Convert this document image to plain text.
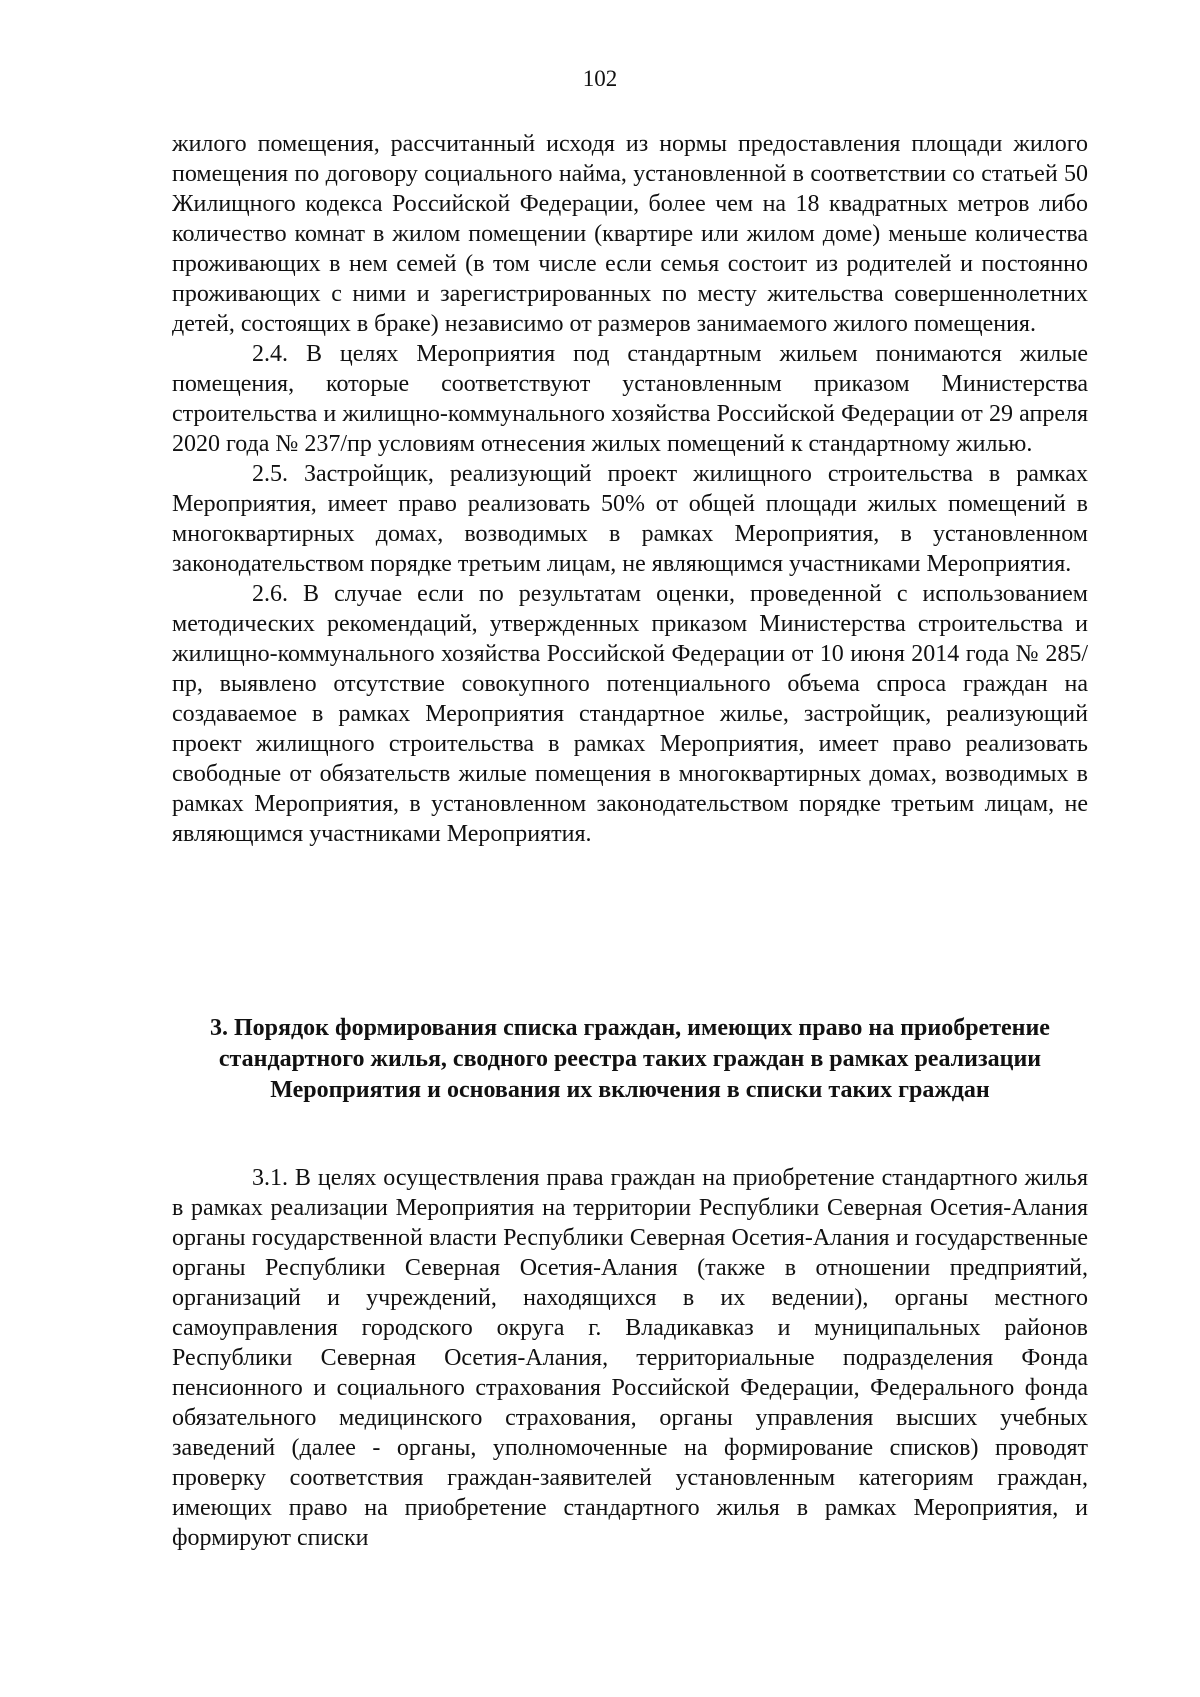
102

жилого помещения, рассчитанный исходя из нормы предоставления площади жилого помещения по договору социального найма, установленной в соответствии со статьей 50 Жилищного кодекса Российской Федерации, более чем на 18 квадратных метров либо количество комнат в жилом помещении (квартире или жилом доме) меньше количества проживающих в нем семей (в том числе если семья состоит из родителей и постоянно проживающих с ними и зарегистрированных по месту жительства совершеннолетних детей, состоящих в браке) независимо от размеров занимаемого жилого помещения.

2.4. В целях Мероприятия под стандартным жильем понимаются жилые помещения, которые соответствуют установленным приказом Министерства строительства и жилищно-коммунального хозяйства Российской Федерации от 29 апреля 2020 года № 237/пр условиям отнесения жилых помещений к стандартному жилью.

2.5. Застройщик, реализующий проект жилищного строительства в рамках Мероприятия, имеет право реализовать 50% от общей площади жилых помещений в многоквартирных домах, возводимых в рамках Мероприятия, в установленном законодательством порядке третьим лицам, не являющимся участниками Мероприятия.

2.6. В случае если по результатам оценки, проведенной с использованием методических рекомендаций, утвержденных приказом Министерства строительства и жилищно-коммунального хозяйства Российской Федерации от 10 июня 2014 года № 285/пр, выявлено отсутствие совокупного потенциального объема спроса граждан на создаваемое в рамках Мероприятия стандартное жилье, застройщик, реализующий проект жилищного строительства в рамках Мероприятия, имеет право реализовать свободные от обязательств жилые помещения в многоквартирных домах, возводимых в рамках Мероприятия, в установленном законодательством порядке третьим лицам, не являющимся участниками Мероприятия.

3. Порядок формирования списка граждан, имеющих право на приобретение стандартного жилья, сводного реестра таких граждан в рамках реализации Мероприятия и основания их включения в списки таких граждан

3.1. В целях осуществления права граждан на приобретение стандартного жилья в рамках реализации Мероприятия на территории Республики Северная Осетия-Алания органы государственной власти Республики Северная Осетия-Алания и государственные органы Республики Северная Осетия-Алания (также в отношении предприятий, организаций и учреждений, находящихся в их ведении), органы местного самоуправления городского округа г. Владикавказ и муниципальных районов Республики Северная Осетия-Алания, территориальные подразделения Фонда пенсионного и социального страхования Российской Федерации, Федерального фонда обязательного медицинского страхования, органы управления высших учебных заведений (далее - органы, уполномоченные на формирование списков) проводят проверку соответствия граждан-заявителей установленным категориям граждан, имеющих право на приобретение стандартного жилья в рамках Мероприятия, и формируют списки
